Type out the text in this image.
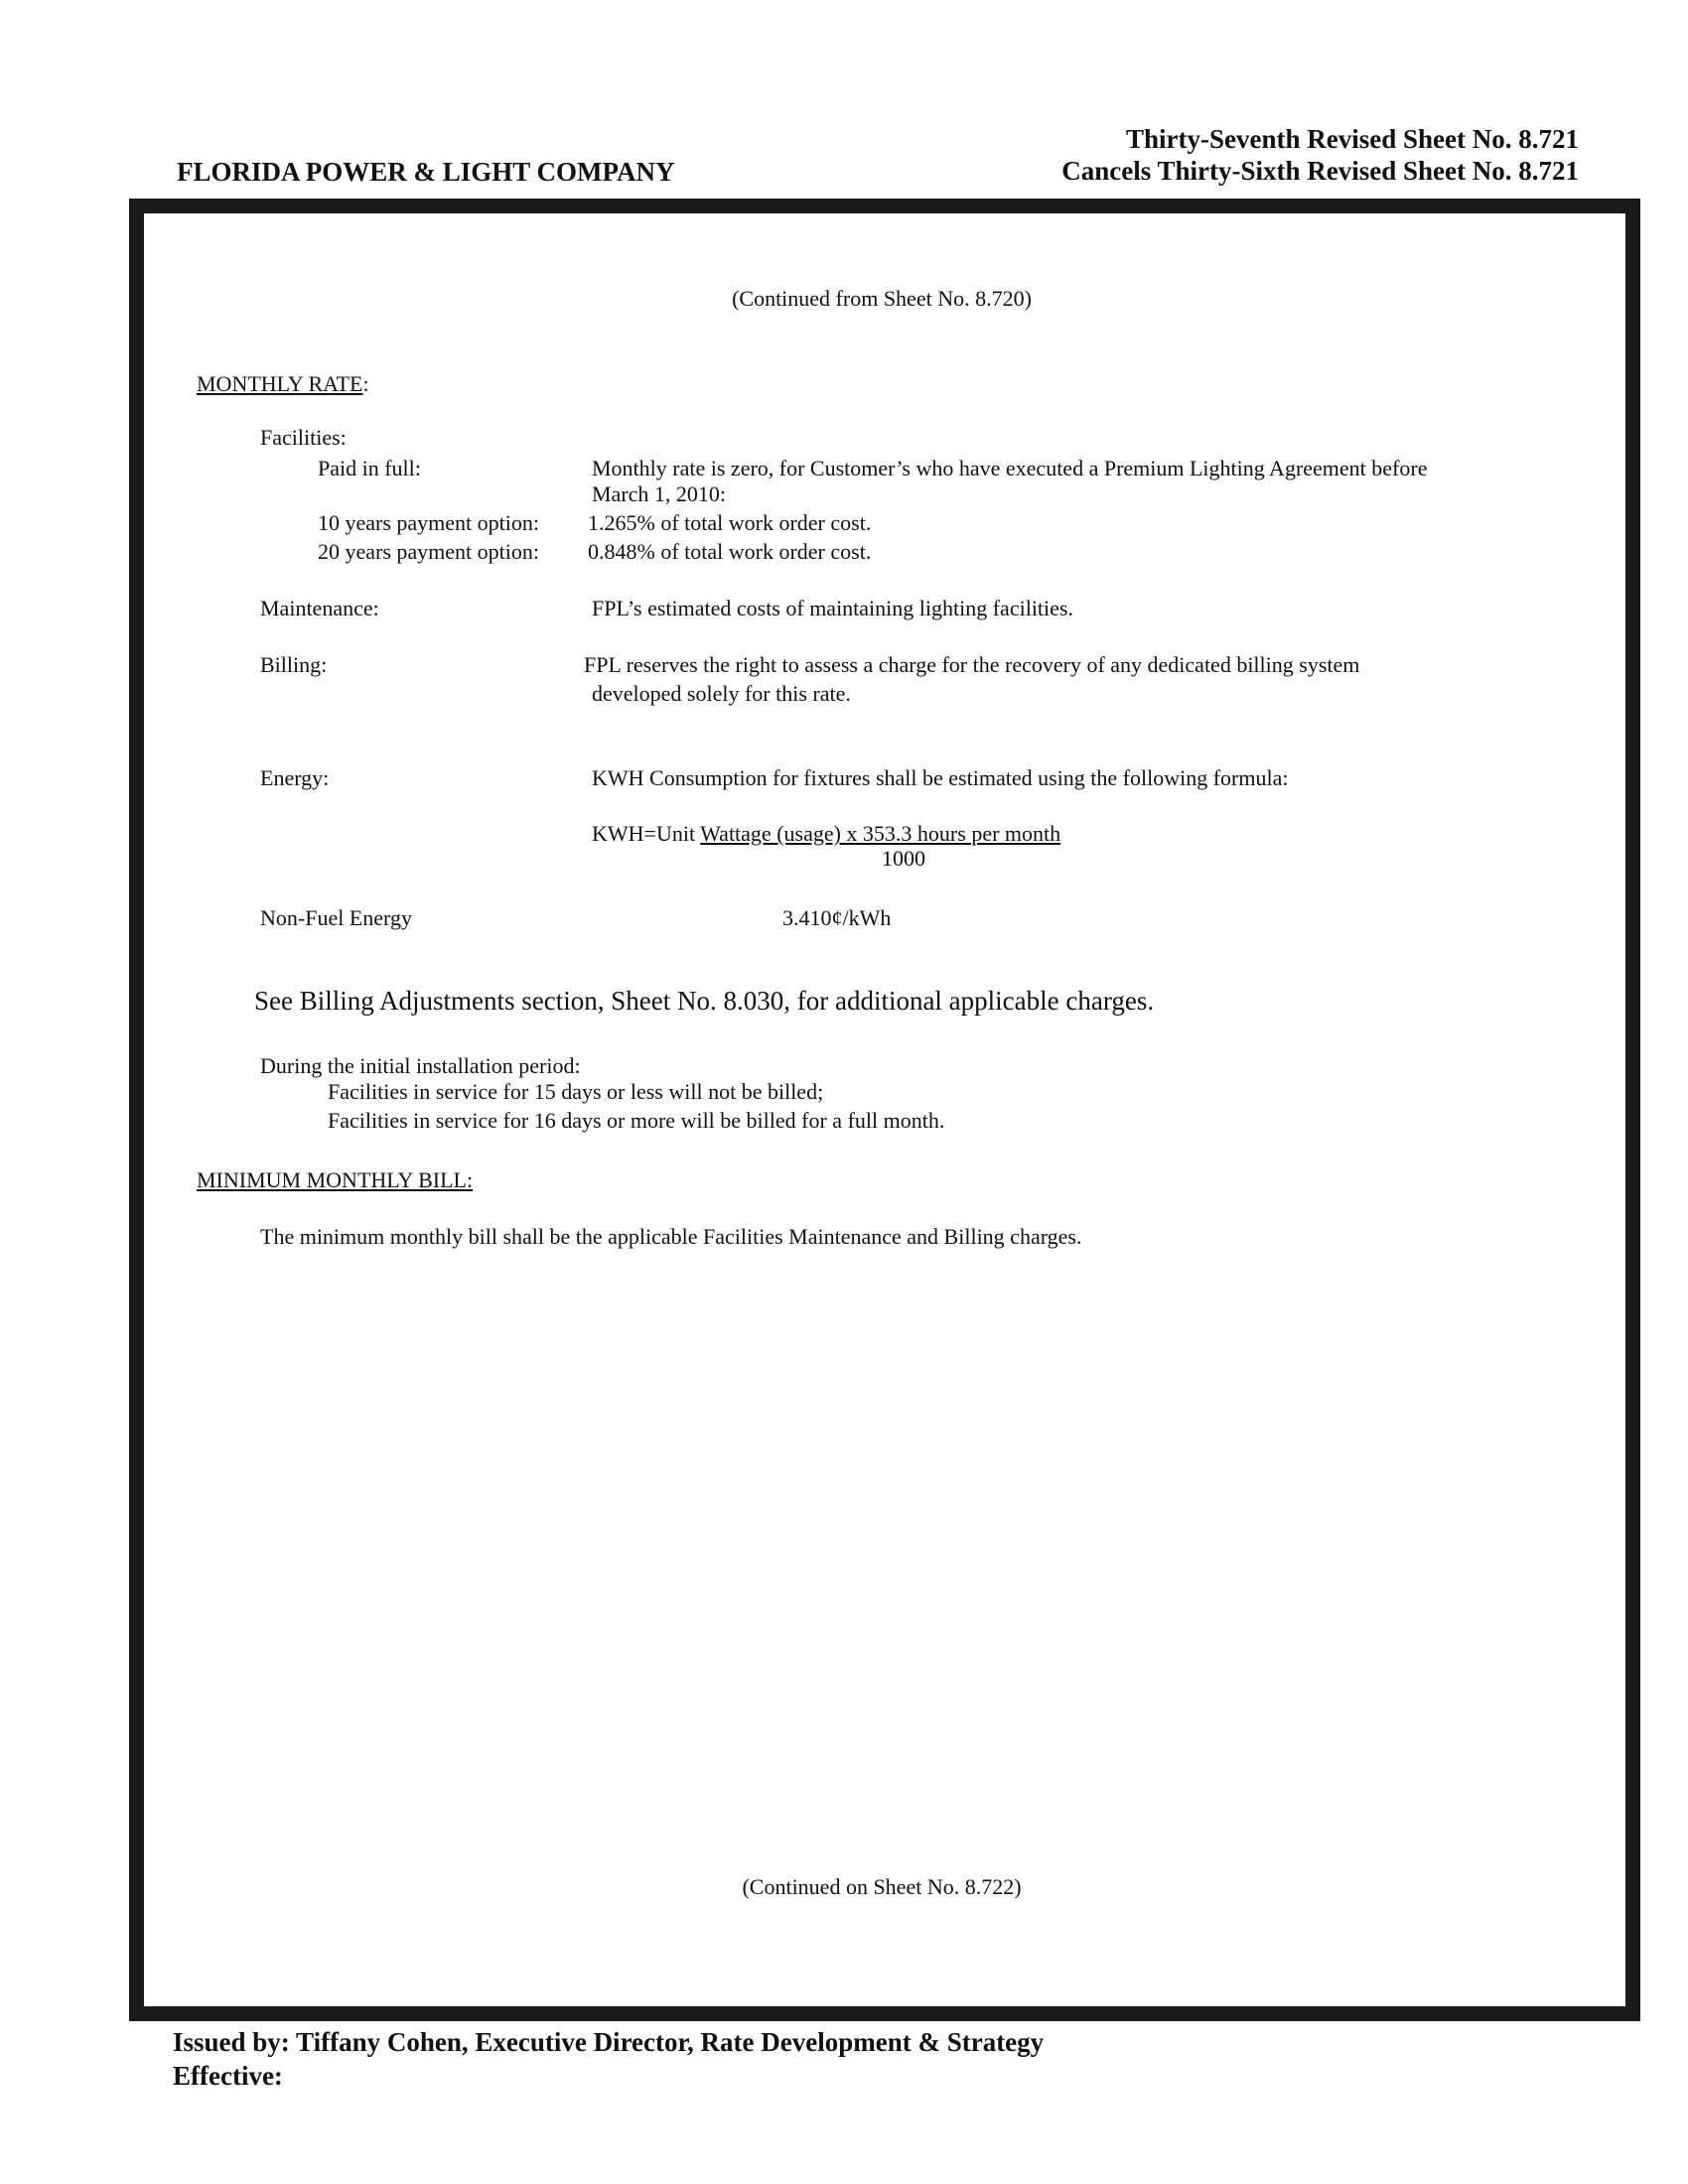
FLORIDA POWER & LIGHT COMPANY
Thirty-Seventh Revised Sheet No. 8.721
Cancels Thirty-Sixth Revised Sheet No. 8.721
(Continued from Sheet No. 8.720)
MONTHLY RATE:
Facilities:
Paid in full:	Monthly rate is zero, for Customer’s who have executed a Premium Lighting Agreement before
March 1, 2010:
10 years payment option: 1.265% of total work order cost.
20 years payment option: 0.848% of total work order cost.
Maintenance:	FPL’s estimated costs of maintaining lighting facilities.
Billing:	FPL reserves the right to assess a charge for the recovery of any dedicated billing system
developed solely for this rate.
Energy:	KWH Consumption for fixtures shall be estimated using the following formula:
KWH=Unit Wattage (usage) x 353.3 hours per month
1000
Non-Fuel Energy	3.410¢/kWh
See Billing Adjustments section, Sheet No. 8.030, for additional applicable charges.
During the initial installation period:
Facilities in service for 15 days or less will not be billed;
Facilities in service for 16 days or more will be billed for a full month.
MINIMUM MONTHLY BILL:
The minimum monthly bill shall be the applicable Facilities Maintenance and Billing charges.
(Continued on Sheet No. 8.722)
Issued by: Tiffany Cohen, Executive Director, Rate Development & Strategy
Effective:
